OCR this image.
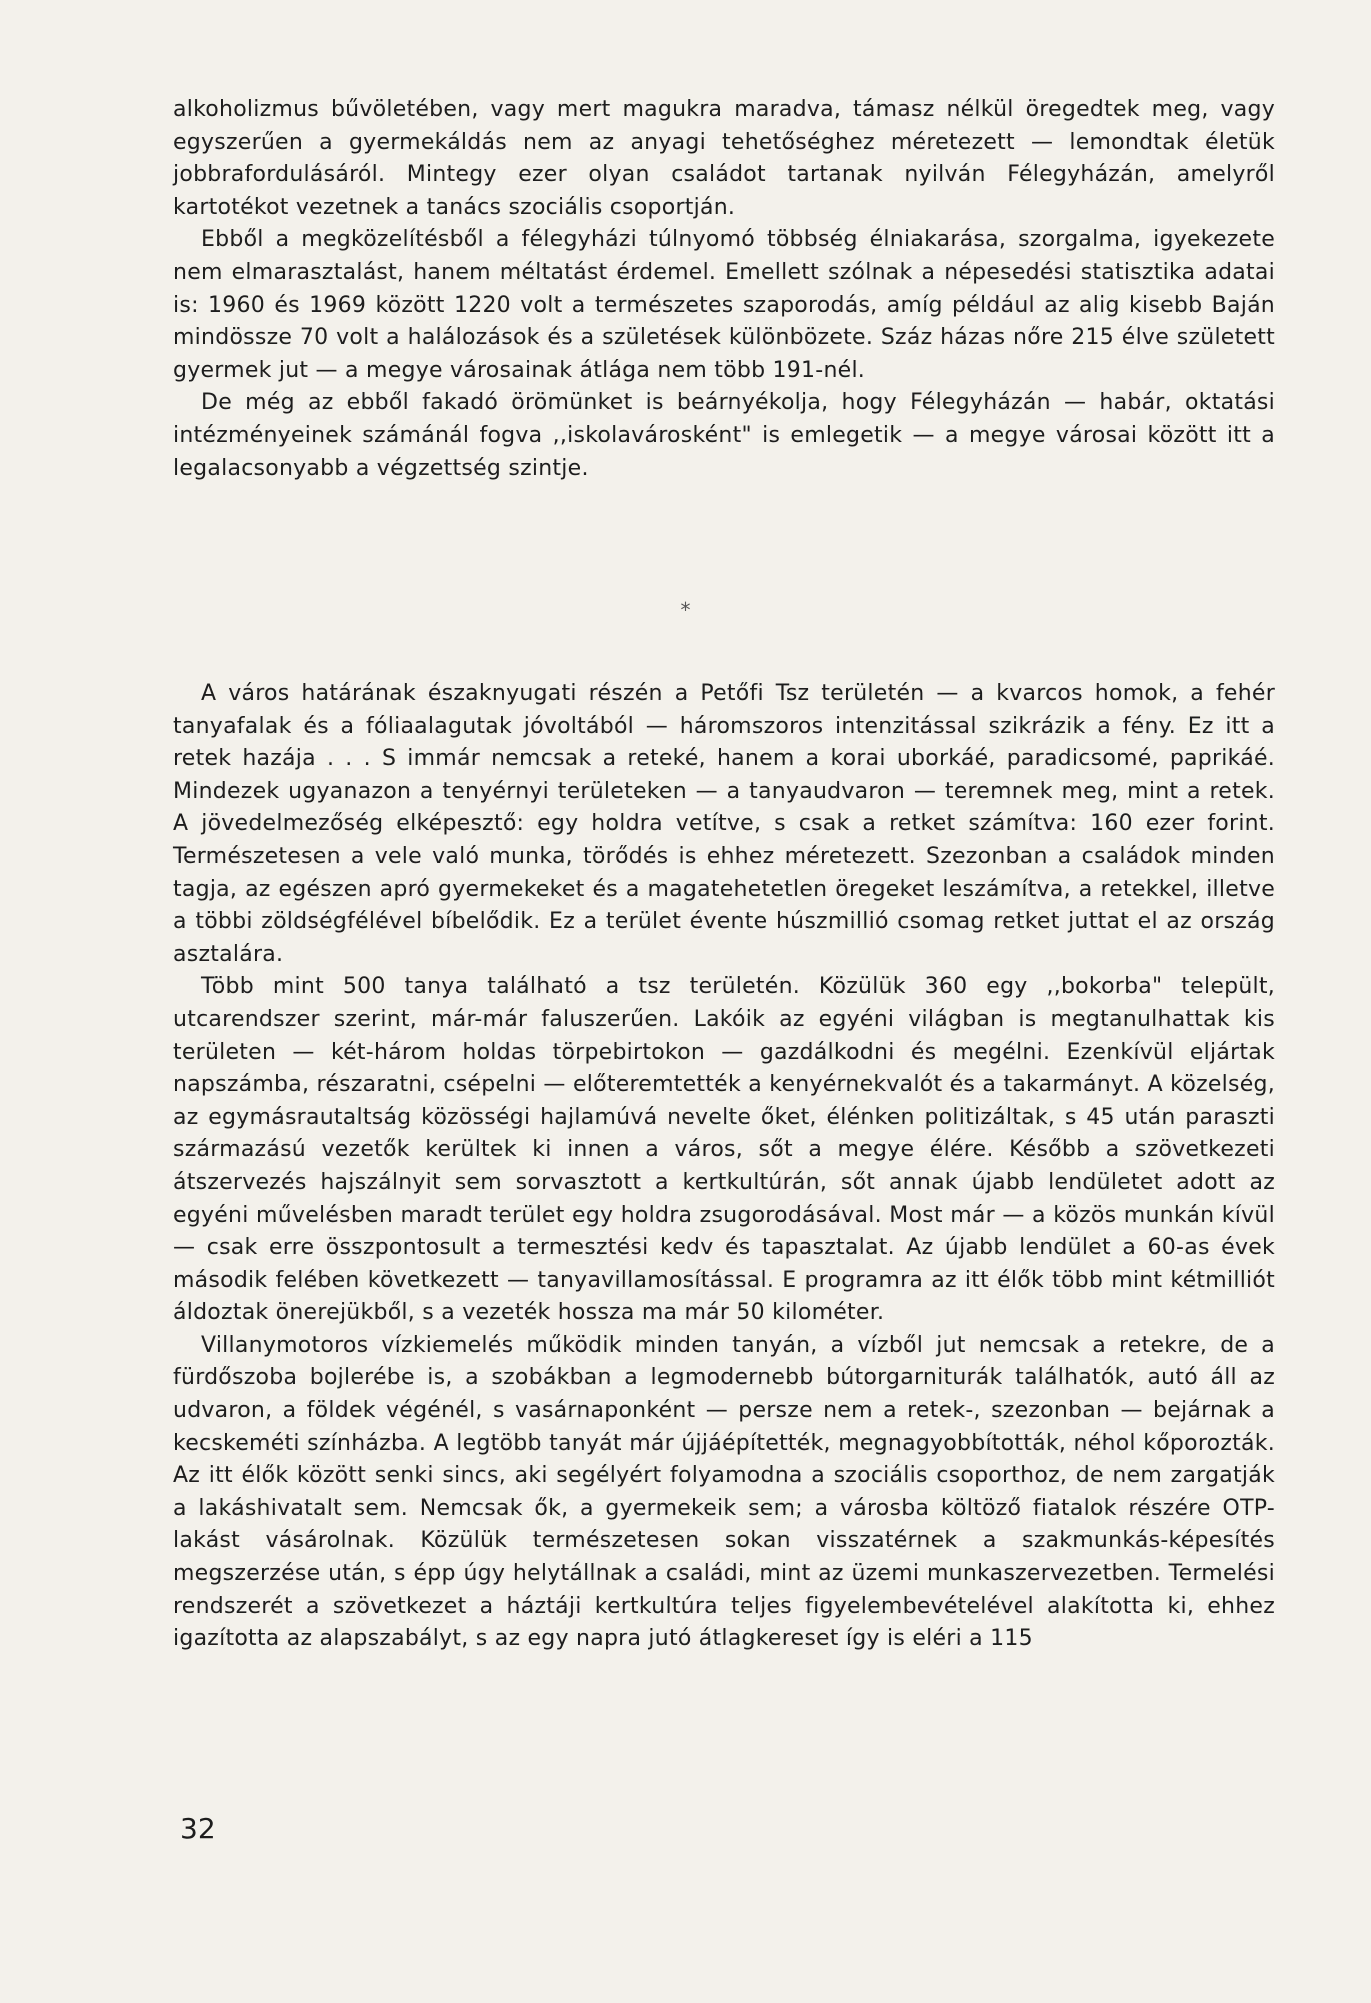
alkoholizmus bűvöletében, vagy mert magukra maradva, támasz nélkül öregedtek meg, vagy egyszerűen a gyermekáldás nem az anyagi tehetőséghez méretezett — lemondtak életük jobbrafordulásáról. Mintegy ezer olyan családot tartanak nyilván Félegyházán, amelyről kartotékot vezetnek a tanács szociális csoportján.

Ebből a megközelítésből a félegyházi túlnyomó többség élniakarása, szorgalma, igyekezete nem elmarasztalást, hanem méltatást érdemel. Emellett szólnak a népesedési statisztika adatai is: 1960 és 1969 között 1220 volt a természetes szaporodás, amíg például az alig kisebb Baján mindössze 70 volt a halálozások és a születések különbözete. Száz házas nőre 215 élve született gyermek jut — a megye városainak átlága nem több 191-nél.

De még az ebből fakadó örömünket is beárnyékolja, hogy Félegyházán — habár, oktatási intézményeinek számánál fogva ,,iskolavárosként" is emlegetik — a megye városai között itt a legalacsonyabb a végzettség szintje.

*

A város határának északnyugati részén a Petőfi Tsz területén — a kvarcos homok, a fehér tanyafalak és a fóliaalagutak jóvoltából — háromszoros intenzitással szikrázik a fény. Ez itt a retek hazája . . . S immár nemcsak a reteké, hanem a korai uborkáé, paradicsomé, paprikáé. Mindezek ugyanazon a tenyérnyi területeken — a tanyaudvaron — teremnek meg, mint a retek. A jövedelmezőség elképesztő: egy holdra vetítve, s csak a retket számítva: 160 ezer forint. Természetesen a vele való munka, törődés is ehhez méretezett. Szezonban a családok minden tagja, az egészen apró gyermekeket és a magatehetetlen öregeket leszámítva, a retekkel, illetve a többi zöldségfélével bíbelődik. Ez a terület évente húszmillió csomag retket juttat el az ország asztalára.

Több mint 500 tanya található a tsz területén. Közülük 360 egy ,,bokorba" települt, utcarendszer szerint, már-már faluszerűen. Lakóik az egyéni világban is megtanulhattak kis területen — két-három holdas törpebirtokon — gazdálkodni és megélni. Ezenkívül eljártak napszámba, részaratni, csépelni — előteremtették a kenyérnekvalót és a takarmányt. A közelség, az egymásrautaltság közösségi hajlamúvá nevelte őket, élénken politizáltak, s 45 után paraszti származású vezetők kerültek ki innen a város, sőt a megye élére. Később a szövetkezeti átszervezés hajszálnyit sem sorvasztott a kertkultúrán, sőt annak újabb lendületet adott az egyéni művelésben maradt terület egy holdra zsugorodásával. Most már — a közös munkán kívül — csak erre összpontosult a termesztési kedv és tapasztalat. Az újabb lendület a 60-as évek második felében következett — tanyavillamosítással. E programra az itt élők több mint kétmilliót áldoztak önerejükből, s a vezeték hossza ma már 50 kilométer.

Villanymotoros vízkiemelés működik minden tanyán, a vízből jut nemcsak a retekre, de a fürdőszoba bojlerébe is, a szobákban a legmodernebb bútorgarniturák találhatók, autó áll az udvaron, a földek végénél, s vasárnaponként — persze nem a retek-, szezonban — bejárnak a kecskeméti színházba. A legtöbb tanyát már újjáépítették, megnagyobbították, néhol kőporozták. Az itt élők között senki sincs, aki segélyért folyamodna a szociális csoporthoz, de nem zargatják a lakáshivatalt sem. Nemcsak ők, a gyermekeik sem; a városba költöző fiatalok részére OTP-lakást vásárolnak. Közülük természetesen sokan visszatérnek a szakmunkás-képesítés megszerzése után, s épp úgy helytállnak a családi, mint az üzemi munkaszervezetben. Termelési rendszerét a szövetkezet a háztáji kertkultúra teljes figyelembevételével alakította ki, ehhez igazította az alapszabályt, s az egy napra jutó átlagkereset így is eléri a 115

32
